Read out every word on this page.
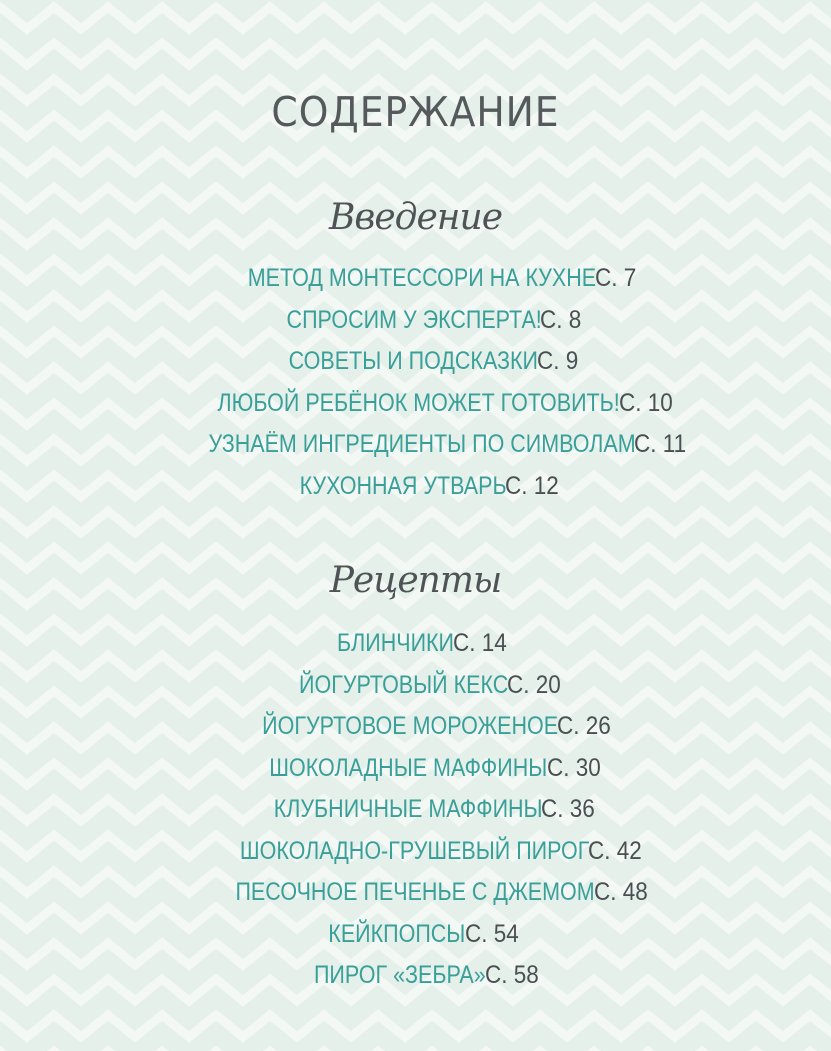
СОДЕРЖАНИЕ
Введение
МЕТОД МОНТЕССОРИ НА КУХНЕ С. 7
СПРОСИМ У ЭКСПЕРТА! С. 8
СОВЕТЫ И ПОДСКАЗКИ С. 9
ЛЮБОЙ РЕБЁНОК МОЖЕТ ГОТОВИТЬ! С. 10
УЗНАЁМ ИНГРЕДИЕНТЫ ПО СИМВОЛАМ С. 11
КУХОННАЯ УТВАРЬ С. 12
Рецепты
БЛИНЧИКИ С. 14
ЙОГУРТОВЫЙ КЕКС С. 20
ЙОГУРТОВОЕ МОРОЖЕНОЕ С. 26
ШОКОЛАДНЫЕ МАФФИНЫ С. 30
КЛУБНИЧНЫЕ МАФФИНЫ С. 36
ШОКОЛАДНО-ГРУШЕВЫЙ ПИРОГ С. 42
ПЕСОЧНОЕ ПЕЧЕНЬЕ С ДЖЕМОМ С. 48
КЕЙКПОПСЫ С. 54
ПИРОГ «ЗЕБРА» С. 58
